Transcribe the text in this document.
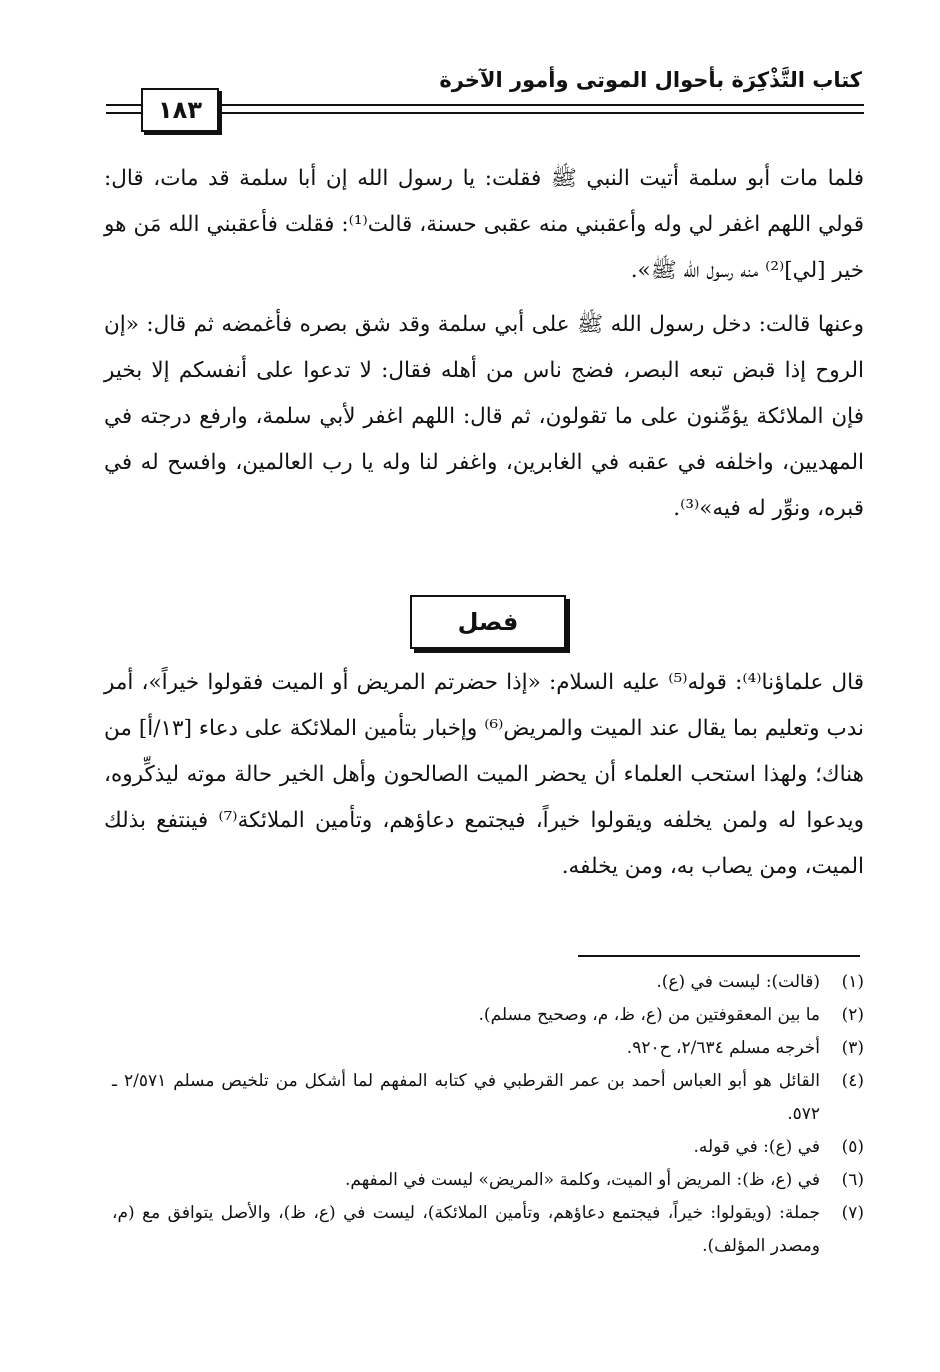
كتاب التَّذْكِرَة بأحوال الموتى وأمور الآخرة
١٨٣

فلما مات أبو سلمة أتيت النبي ﷺ فقلت: يا رسول الله إن أبا سلمة قد مات، قال: قولي اللهم اغفر لي وله وأعقبني منه عقبى حسنة، قالت⁽¹⁾: فقلت فأعقبني الله مَن هو خير [لي]⁽²⁾ منه رسول الله ﷺ».

وعنها قالت: دخل رسول الله ﷺ على أبي سلمة وقد شق بصره فأغمضه ثم قال: «إن الروح إذا قبض تبعه البصر، فضج ناس من أهله فقال: لا تدعوا على أنفسكم إلا بخير فإن الملائكة يؤمِّنون على ما تقولون، ثم قال: اللهم اغفر لأبي سلمة، وارفع درجته في المهديين، واخلفه في عقبه في الغابرين، واغفر لنا وله يا رب العالمين، وافسح له في قبره، ونوِّر له فيه»⁽³⁾.

فصل

قال علماؤنا⁽⁴⁾: قوله⁽⁵⁾ عليه السلام: «إذا حضرتم المريض أو الميت فقولوا خيراً»، أمر ندب وتعليم بما يقال عند الميت والمريض⁽⁶⁾ وإخبار بتأمين الملائكة على دعاء [١٣/أ] من هناك؛ ولهذا استحب العلماء أن يحضر الميت الصالحون وأهل الخير حالة موته ليذكِّروه، ويدعوا له ولمن يخلفه ويقولوا خيراً، فيجتمع دعاؤهم، وتأمين الملائكة⁽⁷⁾ فينتفع بذلك الميت، ومن يصاب به، ومن يخلفه.

(١)
(قالت): ليست في (ع).
(٢)
ما بين المعقوفتين من (ع، ظ، م، وصحيح مسلم).
(٣)
أخرجه مسلم ٢/٦٣٤، ح٩٢٠.
(٤)
القائل هو أبو العباس أحمد بن عمر القرطبي في كتابه المفهم لما أشكل من تلخيص مسلم ٢/٥٧١ ـ ٥٧٢.
(٥)
في (ع): في قوله.
(٦)
في (ع، ظ): المريض أو الميت، وكلمة «المريض» ليست في المفهم.
(٧)
جملة: (ويقولوا: خيراً، فيجتمع دعاؤهم، وتأمين الملائكة)، ليست في (ع، ظ)، والأصل يتوافق مع (م، ومصدر المؤلف).
